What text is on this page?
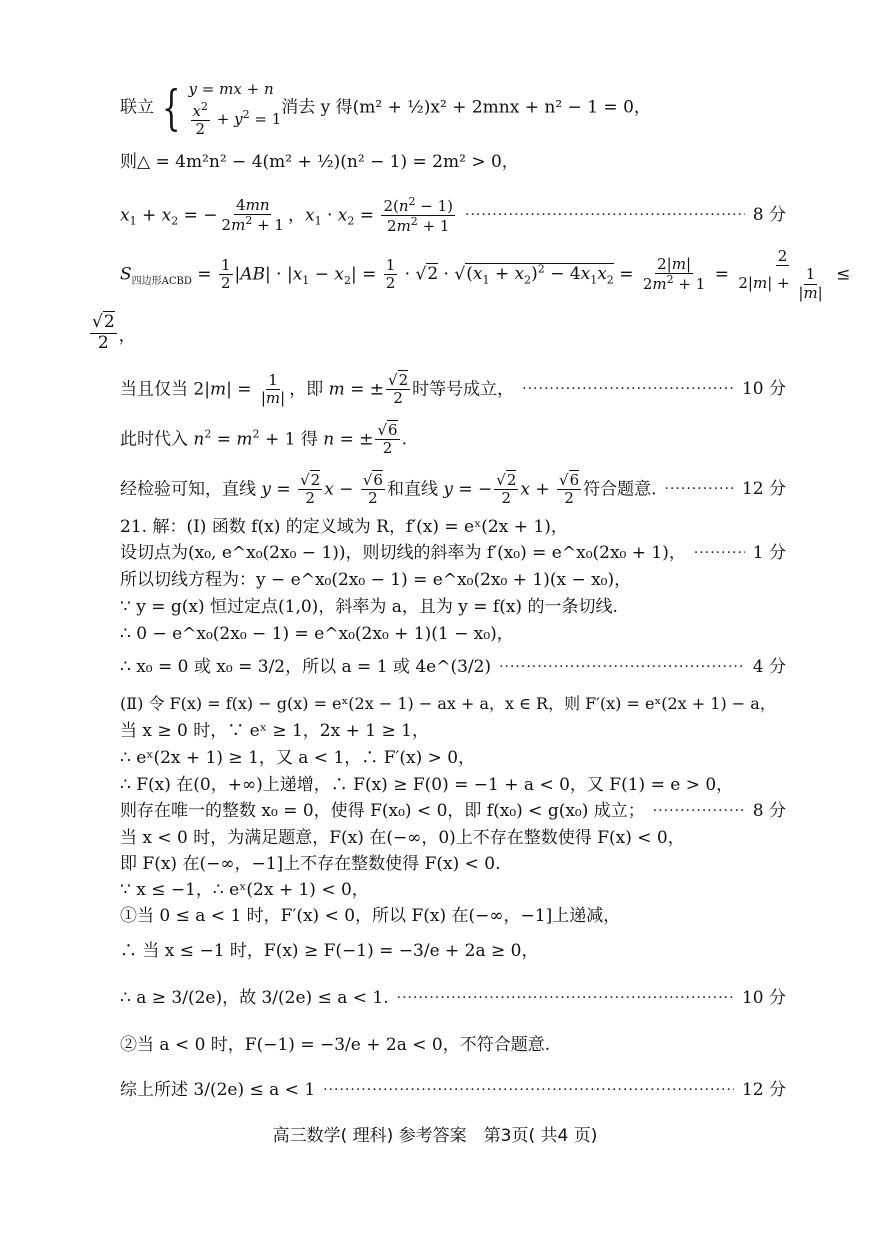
联立 { y = mx + n
$\frac{x^2}{2} + y^2 = 1$
消去 y 得(m² + ½)x² + 2mnx + n² − 1 = 0，
则△ = 4m²n² − 4(m² + ½)(n² − 1) = 2m² > 0，
$x_1 + x_2$ = − $\frac{4mn}{2m^2 + 1}$ ，$x_1 \cdot x_2 = \frac{2(n^2 - 1)}{2m^2 + 1}$ ·····	8 分
$S_{四边形ACBD} = \frac{1}{2} |AB| \cdot |x_1 - x_2| = \frac{1}{2} \cdot √2 \cdot √(x_1 + x_2)^2 - 4x_1x_2 = \frac{2|m|}{2m^2 + 1} = \frac{2}{2|m| + \frac{1}{|m|}}$ ≤
$\frac{√2}{2}$ ，
当且仅当 $2|m| = \frac{1}{|m|}$ ，即 m = ± $\frac{√2}{2}$ 时等号成立， ·····	10 分
此时代入 $n^2 = m^2 + 1$ 得 n = ± $\frac{√6}{2}$ .
经检验可知，直线 $y = \frac{√2}{2}$ $x - \frac{√6}{2}$ 和直线 y = − $\frac{√2}{2}$ $x + \frac{√6}{2}$ 符合题意. ·····	12 分
21. 解：(Ⅰ) 函数 f(x) 的定义域为 R，f′(x) = eˣ(2x + 1)，
设切点为(x₀, e^x₀(2x₀ − 1))，则切线的斜率为 f′(x₀) = e^x₀(2x₀ + 1)， ·····	1 分
所以切线方程为：y − e^x₀(2x₀ − 1) = e^x₀(2x₀ + 1)(x − x₀)，
∵ y = g(x) 恒过定点(1,0)，斜率为 a，且为 y = f(x) 的一条切线.
∴ 0 − e^x₀(2x₀ − 1) = e^x₀(2x₀ + 1)(1 − x₀)，
∴ x₀ = 0 或 x₀ = 3/2，所以 a = 1 或 4e^(3/2) ·····	4 分
(Ⅱ) 令 F(x) = f(x) − g(x) = eˣ(2x − 1) − ax + a，x ∈ R，则 F′(x) = eˣ(2x + 1) − a，
当 x ≥ 0 时，∵ eˣ ≥ 1，2x + 1 ≥ 1，
∴ eˣ(2x + 1) ≥ 1，又 a < 1，∴ F′(x) > 0，
∴ F(x) 在(0，+∞)上递增，∴ F(x) ≥ F(0) = −1 + a < 0，又 F(1) = e > 0，
则存在唯一的整数 x₀ = 0，使得 F(x₀) < 0，即 f(x₀) < g(x₀) 成立； ·····	8 分
当 x < 0 时，为满足题意，F(x) 在(−∞，0)上不存在整数使得 F(x) < 0，
即 F(x) 在(−∞，−1]上不存在整数使得 F(x) < 0.
∵ x ≤ −1，∴ eˣ(2x + 1) < 0，
①当 0 ≤ a < 1 时，F′(x) < 0，所以 F(x) 在(−∞，−1]上递减，
∴ 当 x ≤ −1 时，F(x) ≥ F(−1) = −3/e + 2a ≥ 0，
∴ a ≥ 3/(2e)，故 3/(2e) ≤ a < 1. ·····	10 分
②当 a < 0 时，F(−1) = −3/e + 2a < 0，不符合题意.
综上所述 3/(2e) ≤ a < 1 ·····	12 分
高三数学( 理科) 参考答案　第3页( 共4 页)
